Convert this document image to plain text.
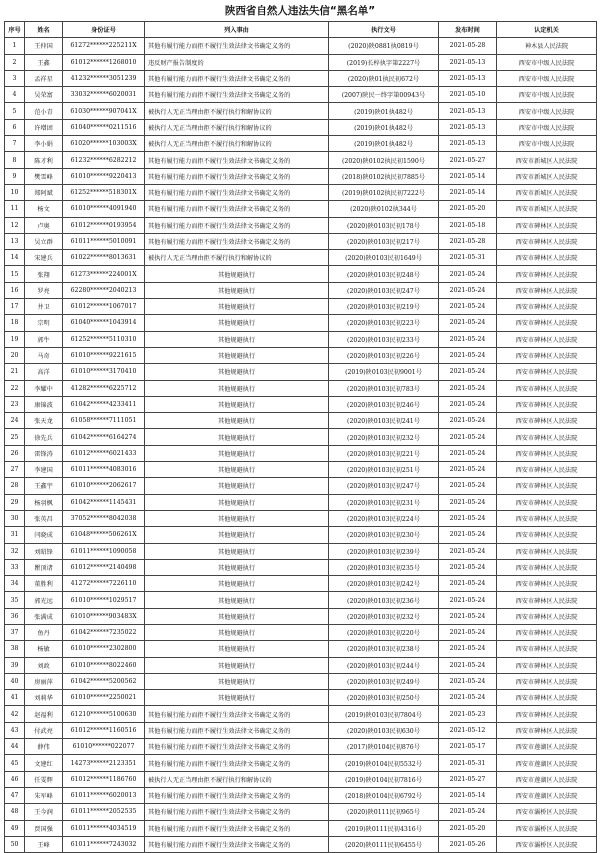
陕西省自然人违法失信“黑名单”
序号	姓名	身份证号	列入事由	执行文号	发布时间	认定机关
1	王仲国	61272******225211X	其他有履行能力而拒不履行生效法律文书确定义务的	(2020)陕0881执0819号	2021-05-28	神木县人民法院
2	王鑫	61012******1268010	违反财产报告制度的	(2019)长梓执字第2227号	2021-05-13	西安市中级人民法院
3	孟祥星	41232******3051239	其他有履行能力而拒不履行生效法律文书确定义务的	(2020)陕01执民初672号	2021-05-13	西安市中级人民法院
4	吴荣富	33032******6020031	其他有履行能力而拒不履行生效法律文书确定义务的	(2007)陕民一终字第00943号	2021-05-10	西安市中级人民法院
5	范小青	61030******907041X	被执行人无正当理由拒不履行执行和解协议的	(2019)陕01执482号	2021-05-13	西安市中级人民法院
6	许增团	61040******0211516	被执行人无正当理由拒不履行执行和解协议的	(2019)陕01执482号	2021-05-13	西安市中级人民法院
7	李小娟	61020******103003X	被执行人无正当理由拒不履行执行和解协议的	(2019)陕01执482号	2021-05-13	西安市中级人民法院
8	陈才利	61232******6282212	其他有履行能力而拒不履行生效法律文书确定义务的	(2020)陕0102执民初1590号	2021-05-27	西安市新城区人民法院
9	樊雪峰	61010******9220413	其他有履行能力而拒不履行生效法律文书确定义务的	(2018)陕0102执民初7885号	2021-05-14	西安市新城区人民法院
10	郑阿斌	61252******518301X	其他有履行能力而拒不履行生效法律文书确定义务的	(2019)陕0102执民初7222号	2021-05-14	西安市新城区人民法院
11	杨文	61010******4091940	其他有履行能力而拒不履行生效法律文书确定义务的	(2020)陕0102执344号	2021-05-20	西安市新城区人民法院
12	卢奥	61012******0193954	其他有履行能力而拒不履行生效法律文书确定义务的	(2020)陕0103民初178号	2021-05-18	西安市碑林区人民法院
13	吴立群	61011******5010091	其他有履行能力而拒不履行生效法律文书确定义务的	(2020)陕0103民初217号	2021-05-28	西安市碑林区人民法院
14	宋建兵	61022******8013631	被执行人无正当理由拒不履行执行和解协议的	(2020)陕0103民初1649号	2021-05-31	西安市碑林区人民法院
15	张翔	61273******224001X	其他规避执行	(2020)陕0103民初248号	2021-05-24	西安市碑林区人民法院
16	罗亮	62280******2040213	其他规避执行	(2020)陕0103民初247号	2021-05-24	西安市碑林区人民法院
17	井卫	61012******1067017	其他规避执行	(2020)陕0103民初219号	2021-05-24	西安市碑林区人民法院
18	宗明	61040******1043914	其他规避执行	(2020)陕0103民初223号	2021-05-24	西安市碑林区人民法院
19	郭牛	61252******5110310	其他规避执行	(2020)陕0103民初233号	2021-05-24	西安市碑林区人民法院
20	马奇	61010******9221615	其他规避执行	(2020)陕0103民初226号	2021-05-24	西安市碑林区人民法院
21	高洋	61010******3170410	其他规避执行	(2019)陕0103民初9001号	2021-05-24	西安市碑林区人民法院
22	李耀中	41282******6225712	其他规避执行	(2020)陕0103民初783号	2021-05-24	西安市碑林区人民法院
23	康锦波	61042******4233411	其他规避执行	(2020)陕0103民初246号	2021-05-24	西安市碑林区人民法院
24	张天龙	61058******7111051	其他规避执行	(2020)陕0103民初241号	2021-05-24	西安市碑林区人民法院
25	徐先兵	61042******6164274	其他规避执行	(2020)陕0103民初232号	2021-05-24	西安市碑林区人民法院
26	雷锋涛	61012******6021433	其他规避执行	(2020)陕0103民初221号	2021-05-24	西安市碑林区人民法院
27	李建国	61011******4083016	其他规避执行	(2020)陕0103民初251号	2021-05-24	西安市碑林区人民法院
28	王鑫宇	61010******2062617	其他规避执行	(2020)陕0103民初247号	2021-05-24	西安市碑林区人民法院
29	杨羽枫	61042******1145431	其他规避执行	(2020)陕0103民初231号	2021-05-24	西安市碑林区人民法院
30	张英昌	37052******8042038	其他规避执行	(2020)陕0103民初224号	2021-05-24	西安市碑林区人民法院
31	闫晓成	61048******506261X	其他规避执行	(2020)陕0103民初230号	2021-05-24	西安市碑林区人民法院
32	刘昭锋	61011******1090058	其他规避执行	(2020)陕0103民初239号	2021-05-24	西安市碑林区人民法院
33	瞿顶诸	61012******2140498	其他规避执行	(2020)陕0103民初235号	2021-05-24	西安市碑林区人民法院
34	董胜利	41272******7226110	其他规避执行	(2020)陕0103民初242号	2021-05-24	西安市碑林区人民法院
35	郭光远	61010******1029517	其他规避执行	(2020)陕0103民初236号	2021-05-24	西安市碑林区人民法院
36	张满成	61010******903483X	其他规避执行	(2020)陕0103民初232号	2021-05-24	西安市碑林区人民法院
37	鱼丹	61042******7235022	其他规避执行	(2020)陕0103民初220号	2021-05-24	西安市碑林区人民法院
38	杨敏	61010******2302800	其他规避执行	(2020)陕0103民初238号	2021-05-24	西安市碑林区人民法院
39	刘政	61010******8022460	其他规避执行	(2020)陕0103民初244号	2021-05-24	西安市碑林区人民法院
40	房丽萍	61042******5200562	其他规避执行	(2020)陕0103民初249号	2021-05-24	西安市碑林区人民法院
41	刘莉华	61010******2250021	其他规避执行	(2020)陕0103民初250号	2021-05-24	西安市碑林区人民法院
42	赵福利	61210******5100630	其他有履行能力而拒不履行生效法律文书确定义务的	(2019)陕0103民初7804号	2021-05-23	西安市碑林区人民法院
43	付武亮	61012******1160516	其他有履行能力而拒不履行生效法律文书确定义务的	(2020)陕0103民初630号	2021-05-12	西安市碑林区人民法院
44	薛伟	61010******022077	其他有履行能力而拒不履行生效法律文书确定义务的	(2017)陕0104民初876号	2021-05-17	西安市莲湖区人民法院
45	文建红	14273******2123351	其他有履行能力而拒不履行生效法律文书确定义务的	(2019)陕0104民初5532号	2021-05-31	西安市莲湖区人民法院
46	任雯辉	61012******1186760	被执行人无正当理由拒不履行执行和解协议的	(2019)陕0104民初7816号	2021-05-27	西安市莲湖区人民法院
47	朱军峰	61011******6020013	其他有履行能力而拒不履行生效法律文书确定义务的	(2018)陕0104民初6792号	2021-05-14	西安市莲湖区人民法院
48	王今润	61011******2052535	其他有履行能力而拒不履行生效法律文书确定义务的	(2020)陕0111民初965号	2021-05-24	西安市灞桥区人民法院
49	贾国强	61011******4034519	其他有履行能力而拒不履行生效法律文书确定义务的	(2019)陕0111民初4316号	2021-05-20	西安市灞桥区人民法院
50	王峰	61011******7243032	其他有履行能力而拒不履行生效法律文书确定义务的	(2020)陕0111民初6455号	2021-05-26	西安市灞桥区人民法院
